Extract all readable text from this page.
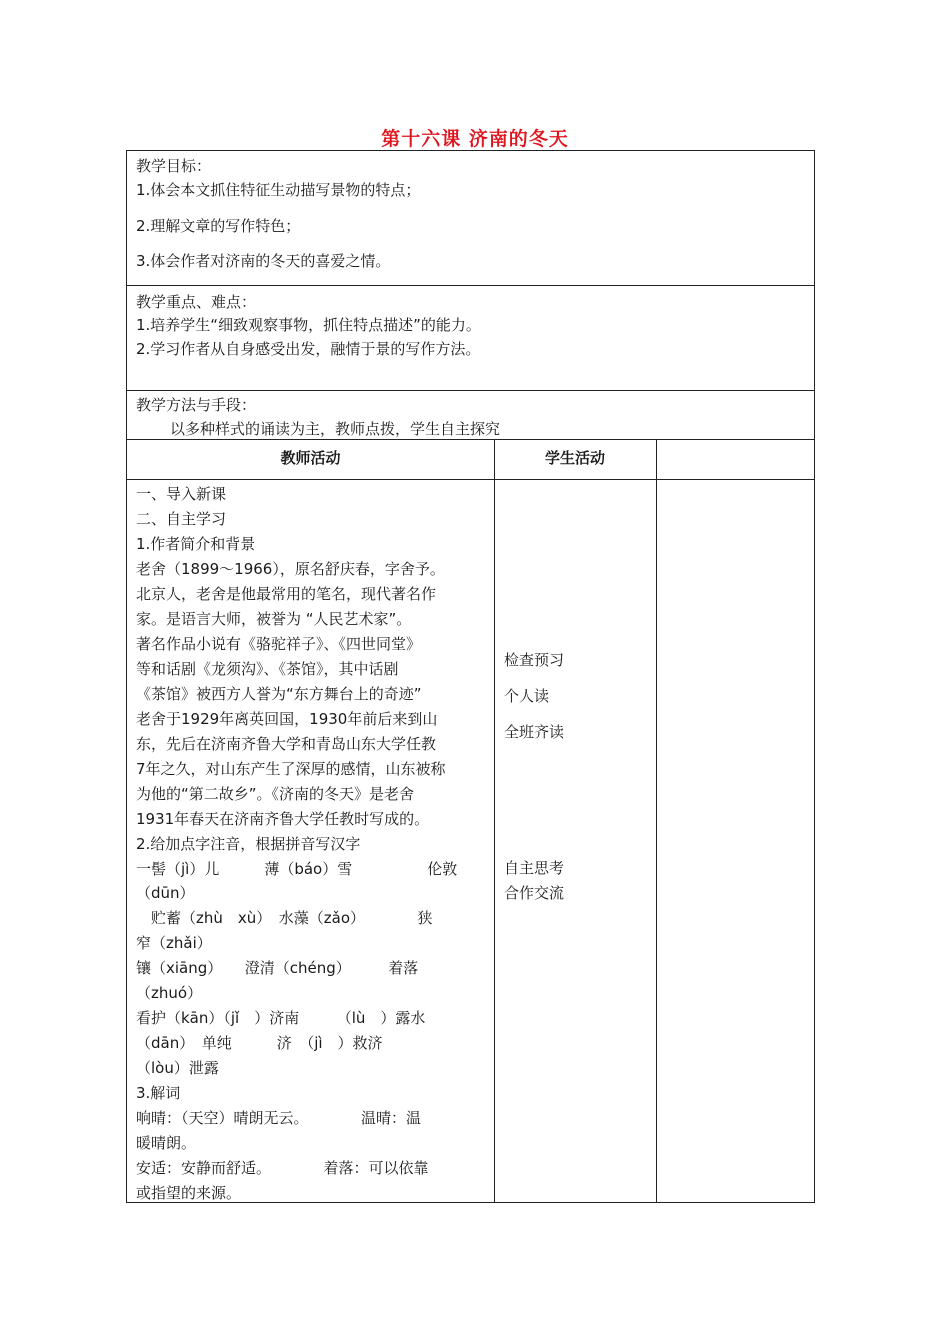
第十六课 济南的冬天
教学目标：
1.体会本文抓住特征生动描写景物的特点；
2.理解文章的写作特色；
3.体会作者对济南的冬天的喜爱之情。
教学重点、难点：
1.培养学生“细致观察事物，抓住特点描述”的能力。
2.学习作者从自身感受出发，融情于景的写作方法。
教学方法与手段：
以多种样式的诵读为主，教师点拨，学生自主探究
教师活动	学生活动
一、导入新课
二、自主学习
1.作者简介和背景
老舍（1899～1966），原名舒庆春，字舍予。
北京人，老舍是他最常用的笔名，现代著名作
家。是语言大师，被誉为 “人民艺术家”。
著名作品小说有《骆驼祥子》、《四世同堂》
等和话剧《龙须沟》、《茶馆》，其中话剧
《茶馆》被西方人誉为“东方舞台上的奇迹”
老舍于1929年离英回国，1930年前后来到山
东，先后在济南齐鲁大学和青岛山东大学任教
7年之久，对山东产生了深厚的感情，山东被称
为他的“第二故乡”。《济南的冬天》是老舍
1931年春天在济南齐鲁大学任教时写成的。
2.给加点字注音，根据拼音写汉字
一髻（jì）儿　　　薄（báo）雪　　　　　伦敦
（dūn）
　贮蓄（zhù　xù）　水藻（zǎo）　　　　狭
窄（zhǎi）
镶（xiāng）　　澄清（chéng）　　　着落
（zhuó）
看护（kān）（jǐ　）济南　　　（lù　）露水
（dān）　单纯　　　济　（jì　）救济
（lòu）泄露
3.解词
响晴：（天空）晴朗无云。　　　　温晴：温
暖晴朗。
安适：安静而舒适。　　　　着落：可以依靠
或指望的来源。
检查预习
个人读
全班齐读
自主思考
合作交流
